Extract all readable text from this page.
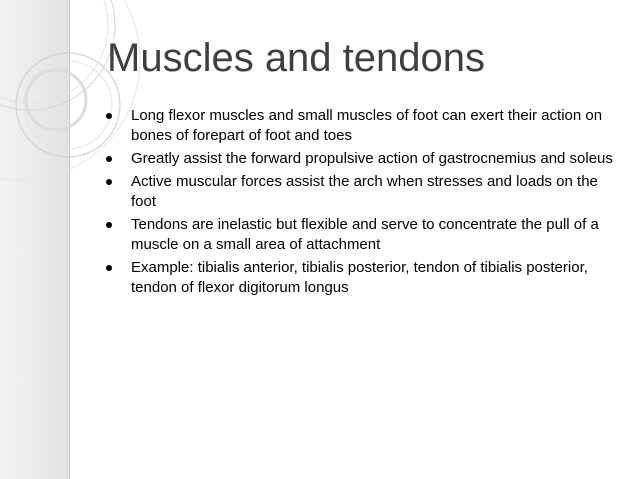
Muscles and tendons
Long flexor muscles and small muscles of foot can exert their action on bones of forepart of foot and toes
Greatly assist the forward propulsive action of gastrocnemius and soleus
Active muscular forces assist the arch when stresses and loads on the foot
Tendons are inelastic but flexible and serve to concentrate the pull of a muscle on a small area of attachment
Example: tibialis anterior, tibialis posterior, tendon of tibialis posterior, tendon of flexor digitorum longus
